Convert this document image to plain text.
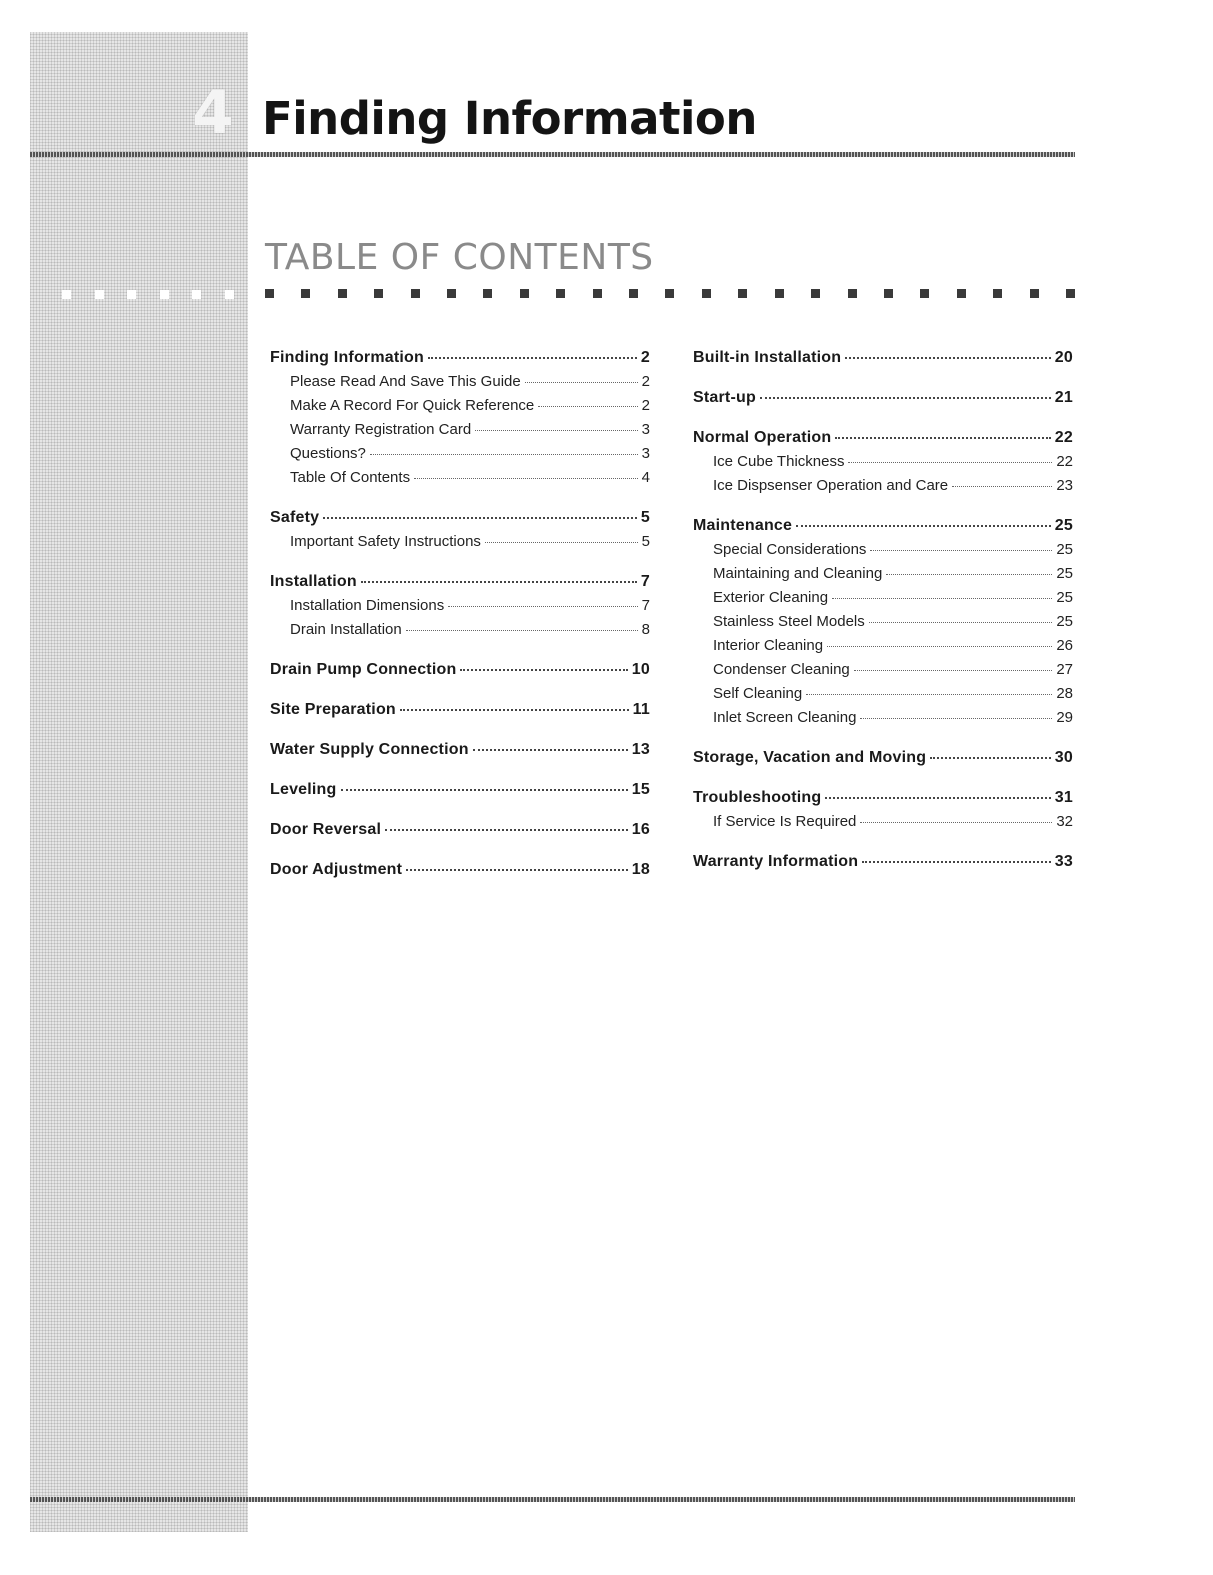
4 Finding Information
TABLE OF CONTENTS
Finding Information	2
Please Read And Save This Guide	2
Make A Record For Quick Reference	2
Warranty Registration Card	3
Questions?	3
Table Of Contents	4
Safety	5
Important Safety Instructions	5
Installation	7
Installation Dimensions	7
Drain Installation	8
Drain Pump Connection	10
Site Preparation	11
Water Supply Connection	13
Leveling	15
Door Reversal	16
Door Adjustment	18
Built-in Installation	20
Start-up	21
Normal Operation	22
Ice Cube Thickness	22
Ice Dispsenser Operation and Care	23
Maintenance	25
Special Considerations	25
Maintaining and Cleaning	25
Exterior Cleaning	25
Stainless Steel Models	25
Interior Cleaning	26
Condenser Cleaning	27
Self Cleaning	28
Inlet Screen Cleaning	29
Storage, Vacation and Moving	30
Troubleshooting	31
If Service Is Required	32
Warranty Information	33
